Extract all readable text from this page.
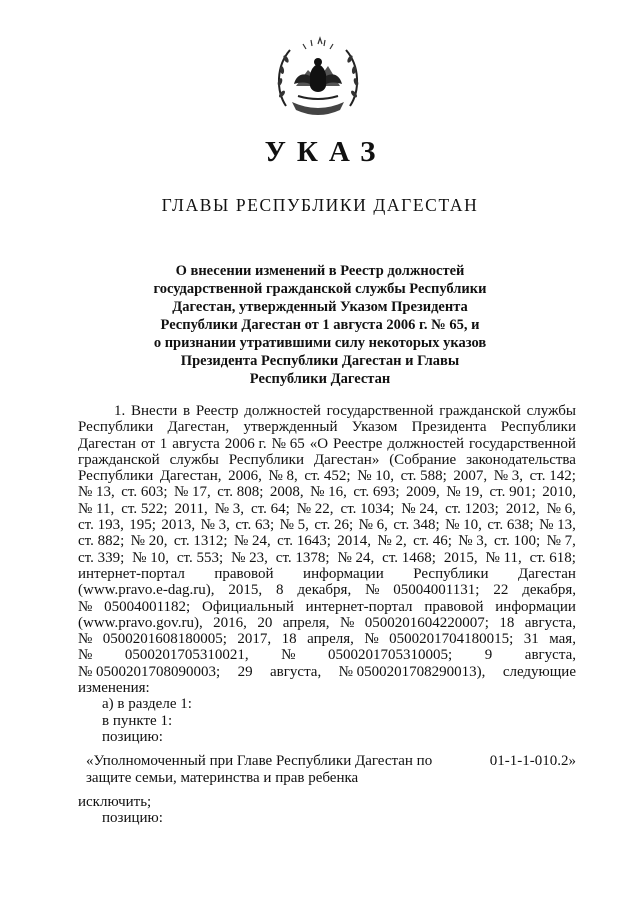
УКАЗ
ГЛАВЫ РЕСПУБЛИКИ ДАГЕСТАН
О внесении изменений в Реестр должностей
государственной гражданской службы Республики
Дагестан, утвержденный Указом Президента
Республики Дагестан от 1 августа 2006 г. № 65, и
о признании утратившими силу некоторых указов
Президента Республики Дагестан и Главы
Республики Дагестан
1. Внести в Реестр должностей государственной гражданской службы
Республики Дагестан, утвержденный Указом Президента Республики
Дагестан от 1 августа 2006 г. № 65 «О Реестре должностей государственной
гражданской службы Республики Дагестан» (Собрание законодательства
Республики Дагестан, 2006, № 8, ст. 452; № 10, ст. 588; 2007, № 3, ст. 142;
№ 13, ст. 603; № 17, ст. 808; 2008, № 16, ст. 693; 2009, № 19, ст. 901; 2010,
№ 11, ст. 522; 2011, № 3, ст. 64; № 22, ст. 1034; № 24, ст. 1203; 2012, № 6,
ст. 193, 195; 2013, № 3, ст. 63; № 5, ст. 26; № 6, ст. 348; № 10, ст. 638; № 13,
ст. 882; № 20, ст. 1312; № 24, ст. 1643; 2014, № 2, ст. 46; № 3, ст. 100; № 7,
ст. 339; № 10, ст. 553; № 23, ст. 1378; № 24, ст. 1468; 2015, № 11, ст. 618;
интернет-портал правовой информации Республики Дагестан
(www.pravo.e-dag.ru), 2015, 8 декабря, № 05004001131; 22 декабря,
№ 05004001182; Официальный интернет-портал правовой информации
(www.pravo.gov.ru), 2016, 20 апреля, № 0500201604220007; 18 августа,
№ 0500201608180005; 2017, 18 апреля, № 0500201704180015; 31 мая,
№ 0500201705310021, № 0500201705310005; 9 августа,
№ 0500201708090003; 29 августа, № 0500201708290013), следующие
изменения:
а) в разделе 1:
в пункте 1:
позицию:
«Уполномоченный при Главе Республики Дагестан по
защите семьи, материнства и прав ребенка
01-1-1-010.2»
исключить;
позицию:
